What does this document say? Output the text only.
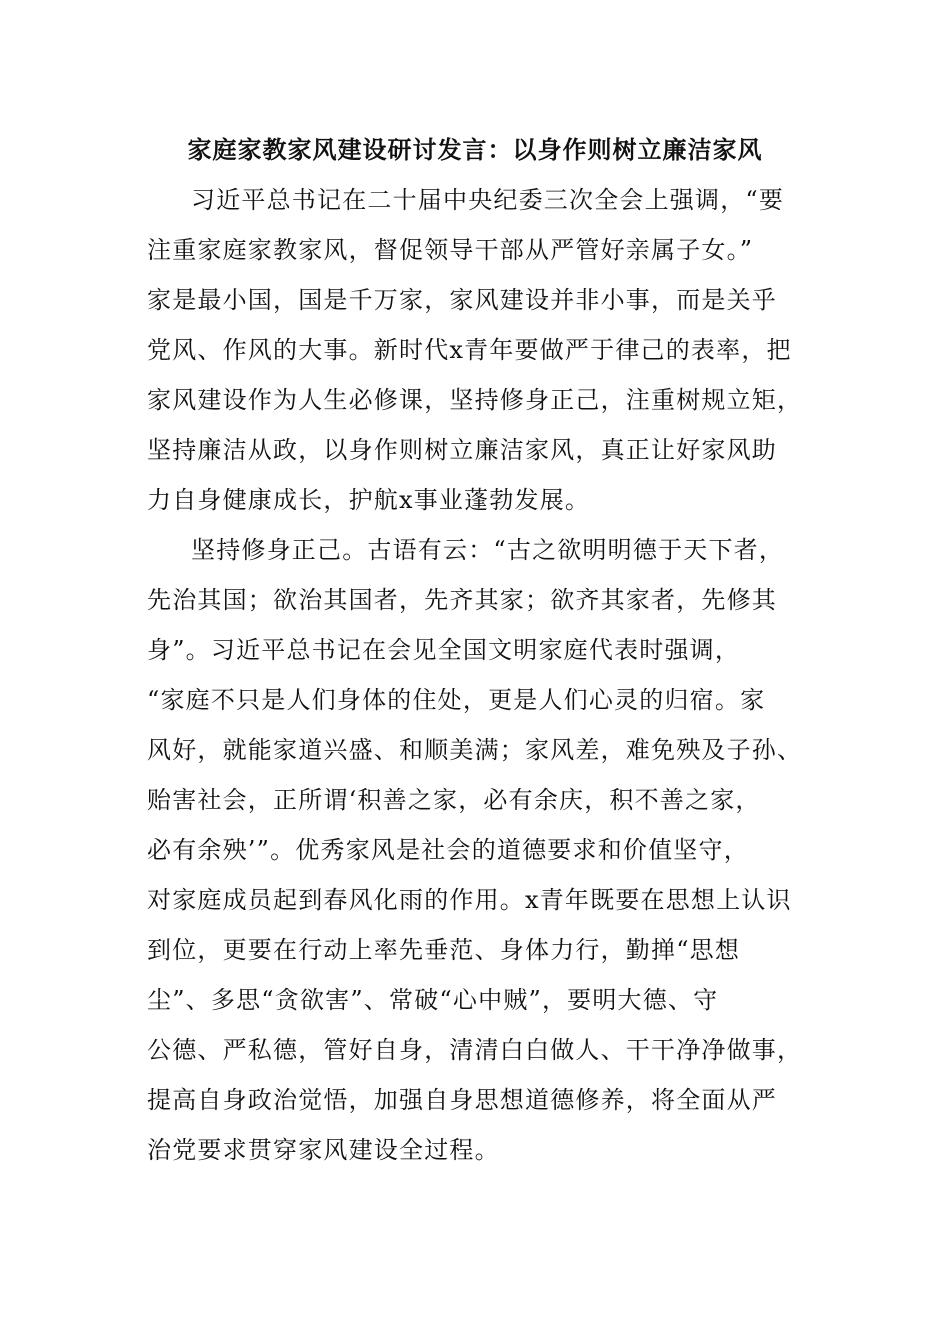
家庭家教家风建设研讨发言：以身作则树立廉洁家风

习近平总书记在二十届中央纪委三次全会上强调，“要
注重家庭家教家风，督促领导干部从严管好亲属子女。”
家是最小国，国是千万家，家风建设并非小事，而是关乎
党风、作风的大事。新时代x青年要做严于律己的表率，把
家风建设作为人生必修课，坚持修身正己，注重树规立矩，
坚持廉洁从政，以身作则树立廉洁家风，真正让好家风助
力自身健康成长，护航x事业蓬勃发展。

坚持修身正己。古语有云：“古之欲明明德于天下者，
先治其国；欲治其国者，先齐其家；欲齐其家者，先修其
身”。习近平总书记在会见全国文明家庭代表时强调，
“家庭不只是人们身体的住处，更是人们心灵的归宿。家
风好，就能家道兴盛、和顺美满；家风差，难免殃及子孙、
贻害社会，正所谓‘积善之家，必有余庆，积不善之家，
必有余殃’”。优秀家风是社会的道德要求和价值坚守，
对家庭成员起到春风化雨的作用。x青年既要在思想上认识
到位，更要在行动上率先垂范、身体力行，勤掸“思想
尘”、多思“贪欲害”、常破“心中贼”，要明大德、守
公德、严私德，管好自身，清清白白做人、干干净净做事，
提高自身政治觉悟，加强自身思想道德修养，将全面从严
治党要求贯穿家风建设全过程。
